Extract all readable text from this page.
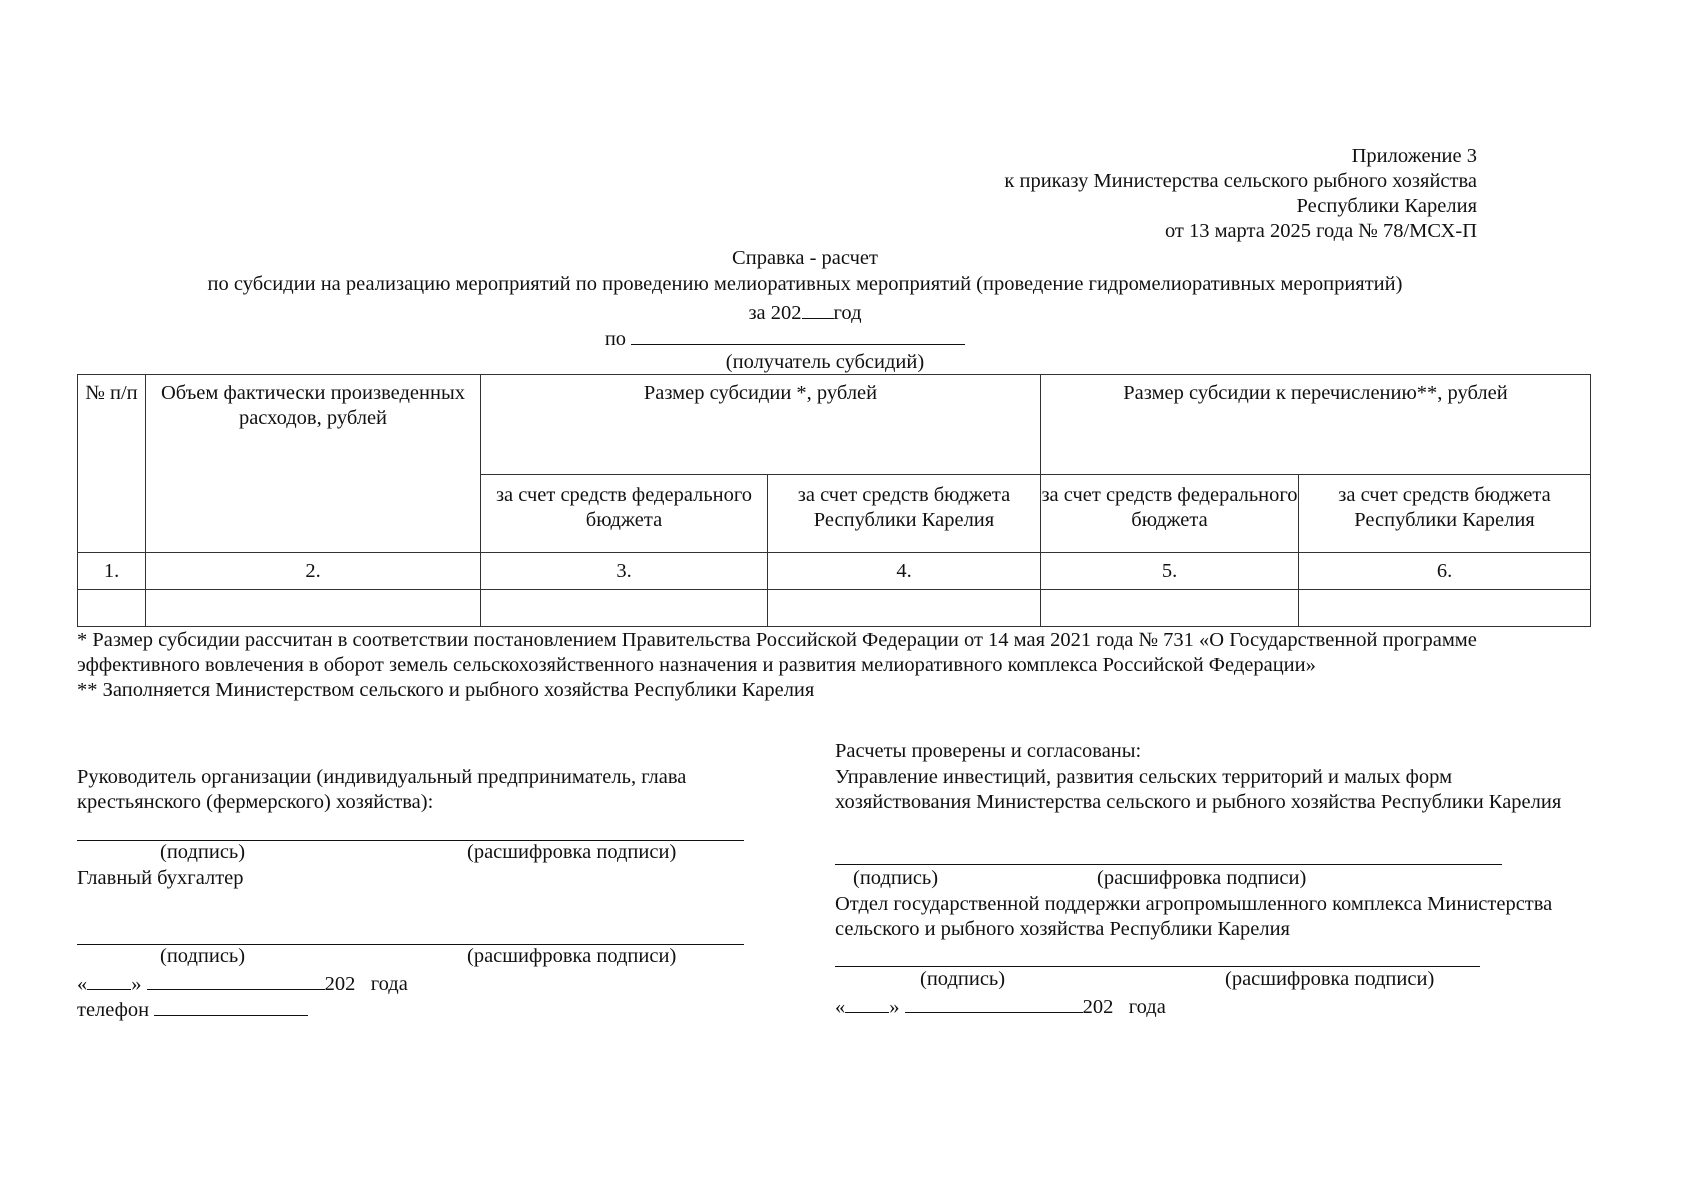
Приложение 3
к приказу Министерства сельского рыбного хозяйства
Республики Карелия
от 13 марта 2025 года № 78/МСХ-П
Справка - расчет
по субсидии на реализацию мероприятий по проведению мелиоративных мероприятий (проведение гидромелиоративных мероприятий)
за 202 год
по
(получатель субсидий)
№ п/п	Объем фактически произведенных расходов, рублей	Размер субсидии *, рублей		Размер субсидии к перечислению**, рублей	
		за счет средств федерального бюджета	за счет средств бюджета Республики Карелия	за счет средств федерального бюджета	за счет средств бюджета Республики Карелия
1.	2.	3.	4.	5.	6.

* Размер субсидии рассчитан в соответствии постановлением Правительства Российской Федерации от 14 мая 2021 года № 731 «О Государственной программе эффективного вовлечения в оборот земель сельскохозяйственного назначения и развития мелиоративного комплекса Российской Федерации»
** Заполняется Министерством сельского и рыбного хозяйства Республики Карелия
Руководитель организации (индивидуальный предприниматель, глава крестьянского (фермерского) хозяйства):
(подпись)	(расшифровка подписи)
Главный бухгалтер
(подпись)	(расшифровка подписи)
« »	202   года
телефон
Расчеты проверены и согласованы:
Управление инвестиций, развития сельских территорий и малых форм хозяйствования Министерства сельского и рыбного хозяйства Республики Карелия
(подпись)	(расшифровка подписи)
Отдел государственной поддержки агропромышленного комплекса Министерства сельского и рыбного хозяйства Республики Карелия
(подпись)	(расшифровка подписи)
« »	202   года
